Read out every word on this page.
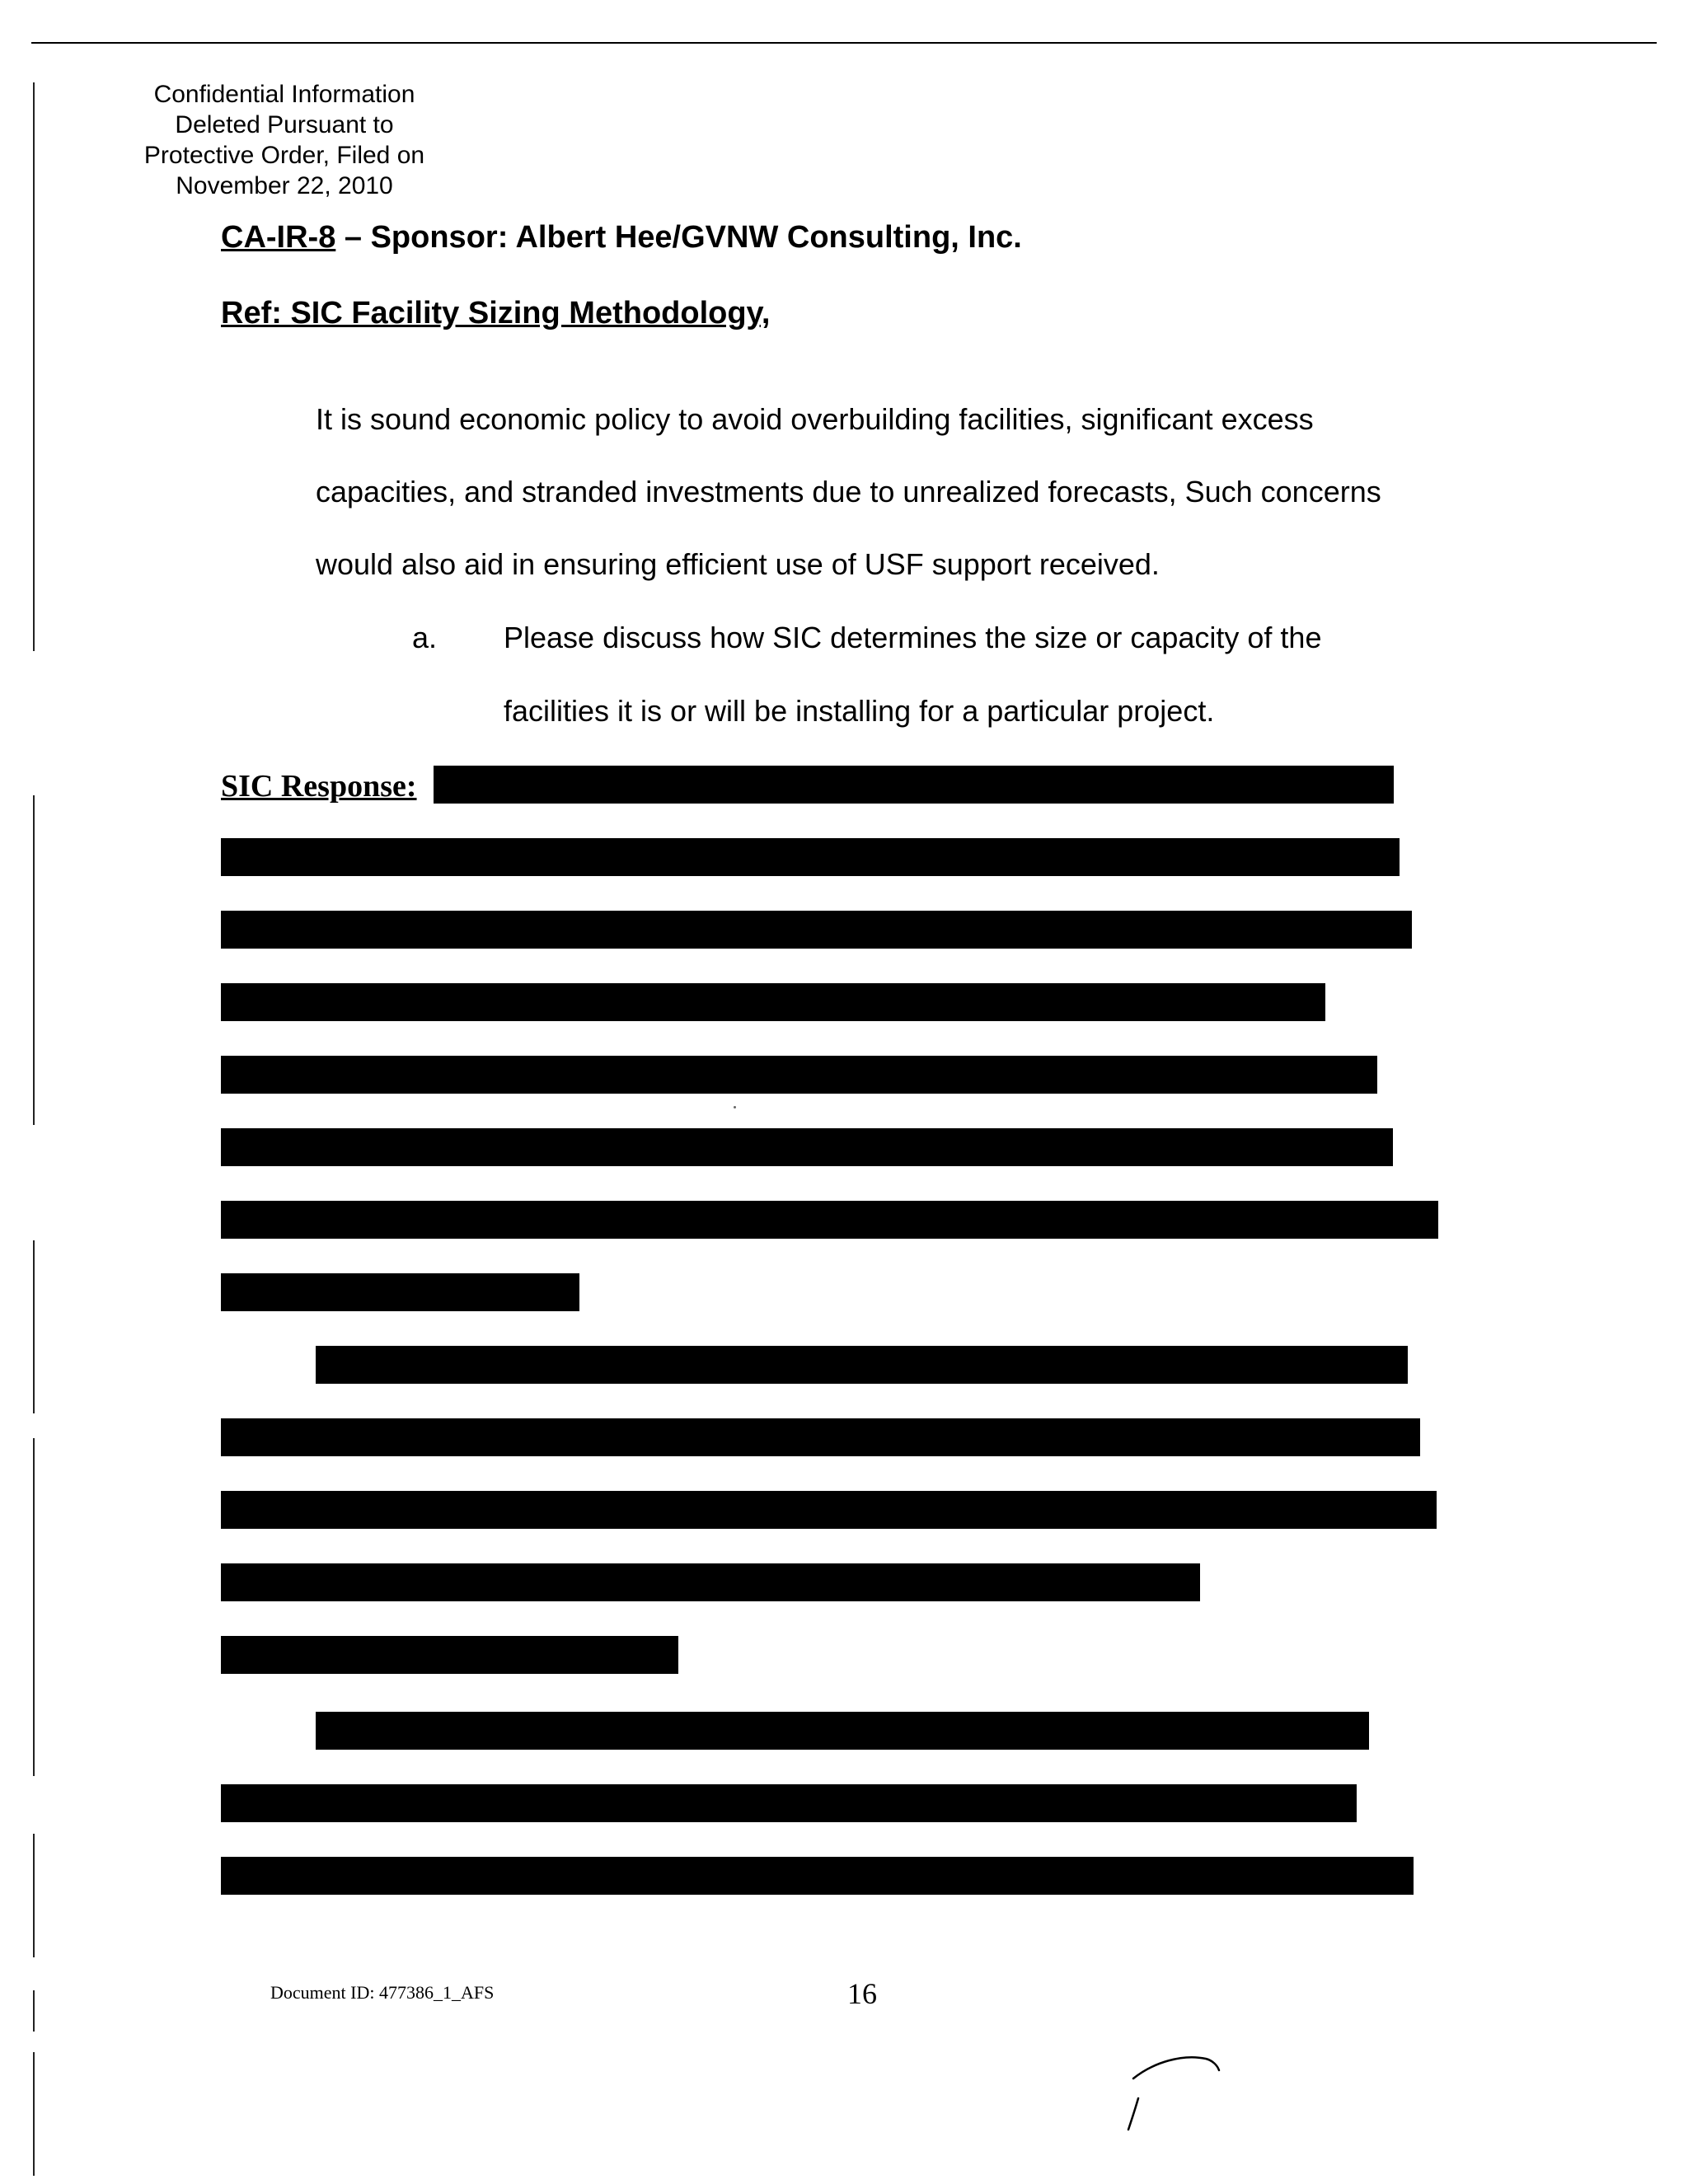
Confidential Information
Deleted Pursuant to
Protective Order, Filed on
November 22, 2010
CA-IR-8 – Sponsor: Albert Hee/GVNW Consulting, Inc.
Ref: SIC Facility Sizing Methodology,
It is sound economic policy to avoid overbuilding facilities, significant excess
capacities, and stranded investments due to unrealized forecasts, Such concerns
would also aid in ensuring efficient use of USF support received.
a. Please discuss how SIC determines the size or capacity of the
facilities it is or will be installing for a particular project.
SIC Response:
Document ID: 477386_1_AFS	16
